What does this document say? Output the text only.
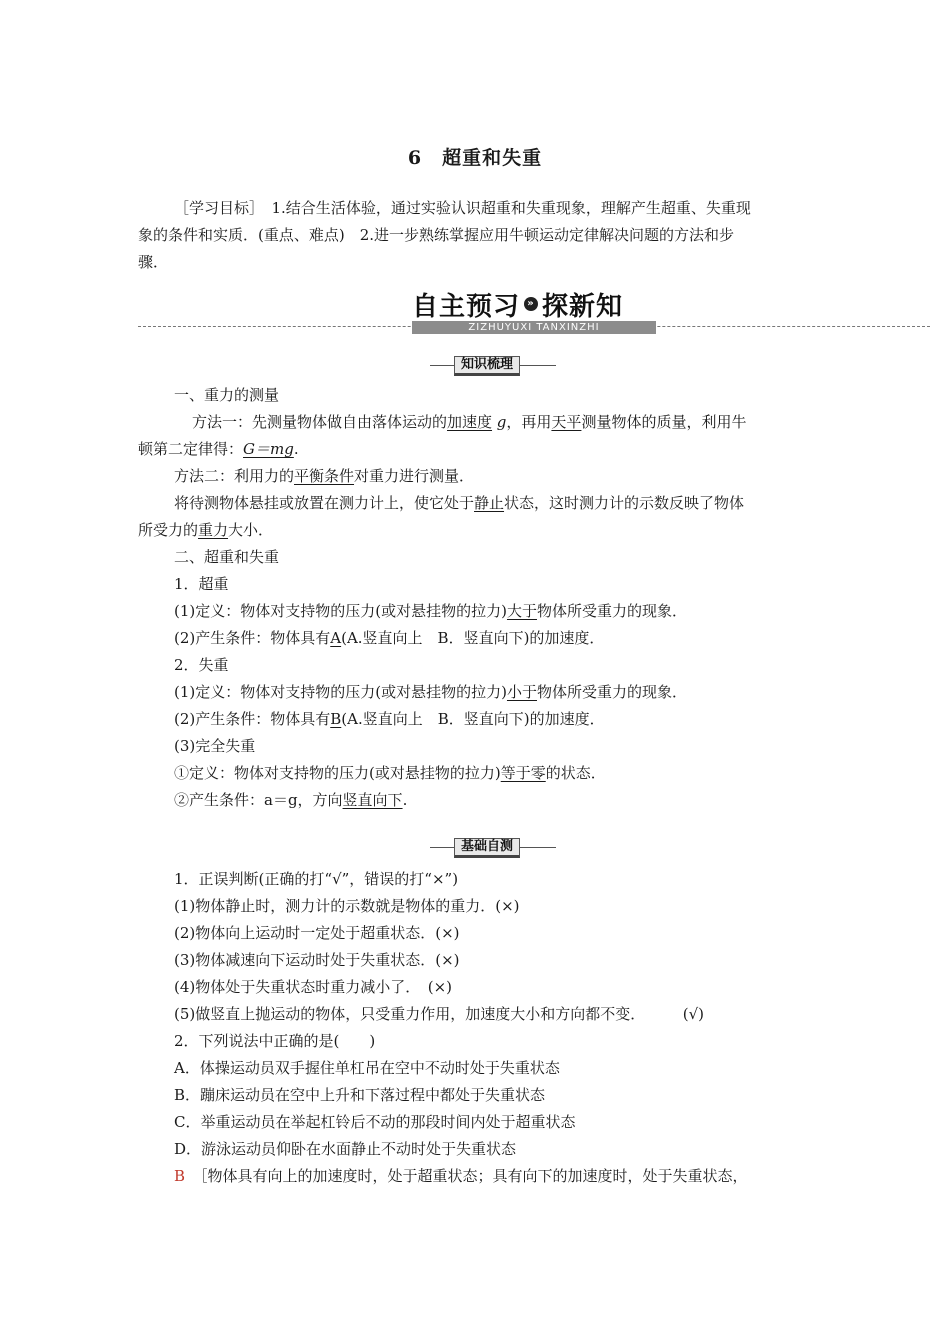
6　超重和失重

［学习目标］　1.结合生活体验，通过实验认识超重和失重现象，理解产生超重、失重现

象的条件和实质．(重点、难点)　2.进一步熟练掌握应用牛顿运动定律解决问题的方法和步

骤．

自主预习 » 探新知
ZIZHUYUXI TANXINZHI
知识梳理

一、重力的测量

方法一：先测量物体做自由落体运动的加速度 g，再用天平测量物体的质量，利用牛

顿第二定律得：G＝mg.

方法二：利用力的平衡条件对重力进行测量．

将待测物体悬挂或放置在测力计上，使它处于静止状态，这时测力计的示数反映了物体

所受力的重力大小．

二、超重和失重

1．超重

(1)定义：物体对支持物的压力(或对悬挂物的拉力)大于物体所受重力的现象．

(2)产生条件：物体具有A(A.竖直向上　B．竖直向下)的加速度．

2．失重

(1)定义：物体对支持物的压力(或对悬挂物的拉力)小于物体所受重力的现象．

(2)产生条件：物体具有B(A.竖直向上　B．竖直向下)的加速度．

(3)完全失重

①定义：物体对支持物的压力(或对悬挂物的拉力)等于零的状态．

②产生条件：a＝g，方向竖直向下.

基础自测

1．正误判断(正确的打“√”，错误的打“×”)

(1)物体静止时，测力计的示数就是物体的重力．(×)

(2)物体向上运动时一定处于超重状态．(×)

(3)物体减速向下运动时处于失重状态．(×)

(4)物体处于失重状态时重力减小了．　(×)

(5)做竖直上抛运动的物体，只受重力作用，加速度大小和方向都不变．　　　(√)

2．下列说法中正确的是(　　)

A．体操运动员双手握住单杠吊在空中不动时处于失重状态

B．蹦床运动员在空中上升和下落过程中都处于失重状态

C．举重运动员在举起杠铃后不动的那段时间内处于超重状态

D．游泳运动员仰卧在水面静止不动时处于失重状态

B　 ［物体具有向上的加速度时，处于超重状态；具有向下的加速度时，处于失重状态，
